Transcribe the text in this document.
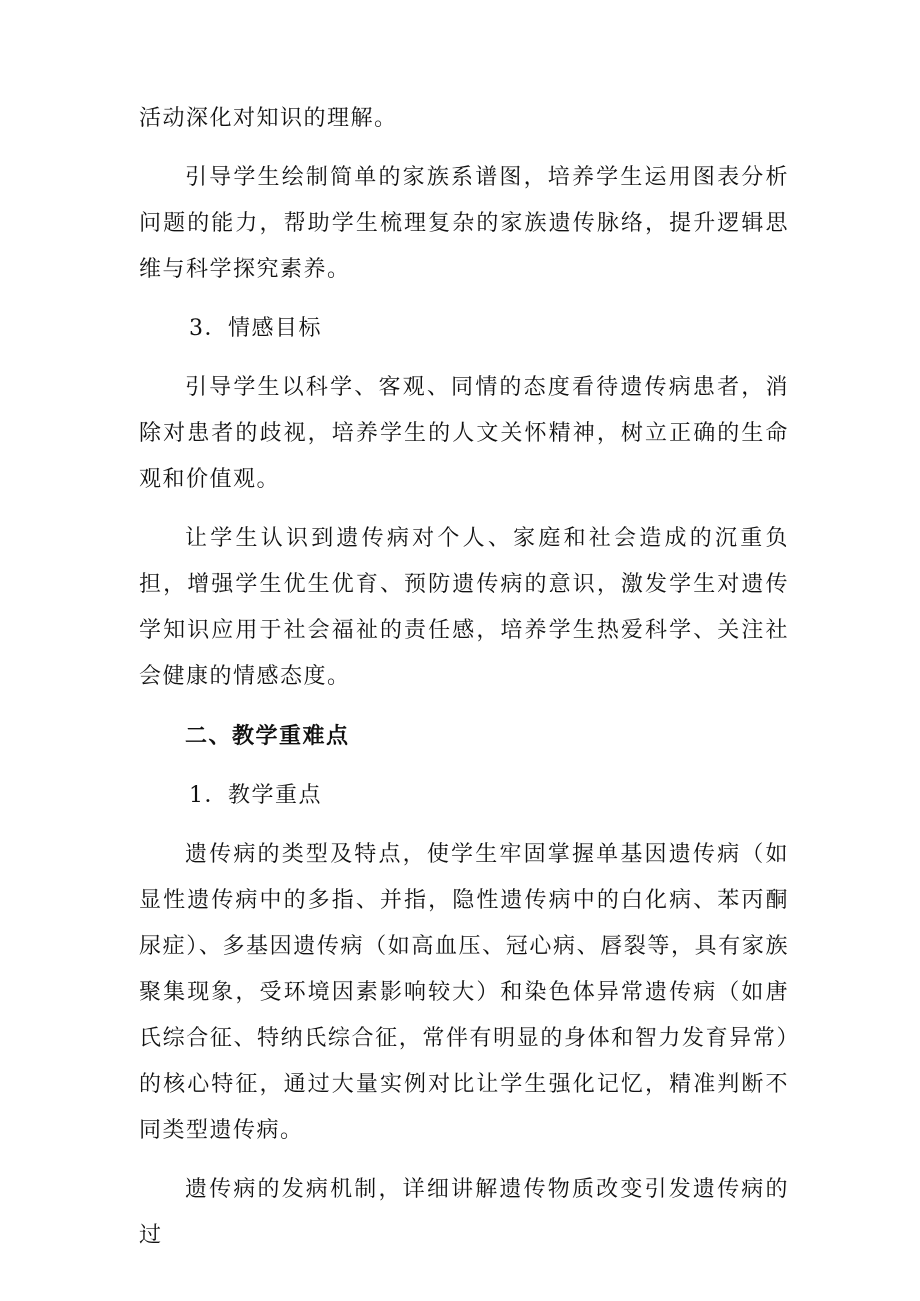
活动深化对知识的理解。

引导学生绘制简单的家族系谱图，培养学生运用图表分析问题的能力，帮助学生梳理复杂的家族遗传脉络，提升逻辑思维与科学探究素养。

3．情感目标

引导学生以科学、客观、同情的态度看待遗传病患者，消除对患者的歧视，培养学生的人文关怀精神，树立正确的生命观和价值观。

让学生认识到遗传病对个人、家庭和社会造成的沉重负担，增强学生优生优育、预防遗传病的意识，激发学生对遗传学知识应用于社会福祉的责任感，培养学生热爱科学、关注社会健康的情感态度。

二、教学重难点

1．教学重点

遗传病的类型及特点，使学生牢固掌握单基因遗传病（如显性遗传病中的多指、并指，隐性遗传病中的白化病、苯丙酮尿症）、多基因遗传病（如高血压、冠心病、唇裂等，具有家族聚集现象，受环境因素影响较大）和染色体异常遗传病（如唐氏综合征、特纳氏综合征，常伴有明显的身体和智力发育异常）的核心特征，通过大量实例对比让学生强化记忆，精准判断不同类型遗传病。

遗传病的发病机制，详细讲解遗传物质改变引发遗传病的过
